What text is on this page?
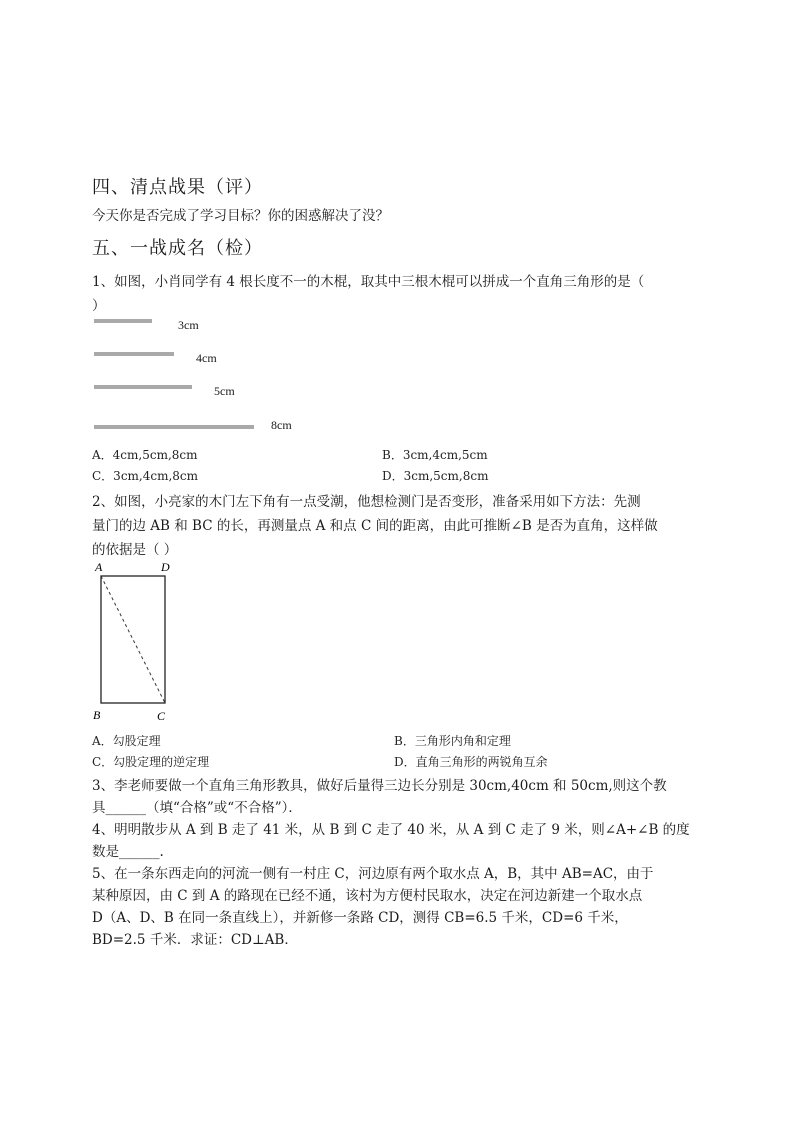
四、清点战果（评）
今天你是否完成了学习目标？你的困惑解决了没？
五、一战成名（检）
1、如图，小肖同学有 4 根长度不一的木棍，取其中三根木棍可以拼成一个直角三角形的是（
）
3cm
4cm
5cm
8cm
A．4cm,5cm,8cm	B．3cm,4cm,5cm
C．3cm,4cm,8cm	D．3cm,5cm,8cm
2、如图，小亮家的木门左下角有一点受潮，他想检测门是否变形，准备采用如下方法：先测
量门的边 AB 和 BC 的长，再测量点 A 和点 C 间的距离，由此可推断∠B 是否为直角，这样做
的依据是（ ）
A	D
B	C
A．勾股定理	B．三角形内角和定理
C．勾股定理的逆定理	D．直角三角形的两锐角互余
3、李老师要做一个直角三角形教具，做好后量得三边长分别是 30cm,40cm 和 50cm,则这个教
具______（填“合格”或“不合格”）．
4、明明散步从 A 到 B 走了 41 米，从 B 到 C 走了 40 米，从 A 到 C 走了 9 米，则∠A+∠B 的度
数是______.
5、在一条东西走向的河流一侧有一村庄 C，河边原有两个取水点 A，B，其中 AB=AC，由于
某种原因，由 C 到 A 的路现在已经不通，该村为方便村民取水，决定在河边新建一个取水点
D（A、D、B 在同一条直线上），并新修一条路 CD，测得 CB=6.5 千米，CD=6 千米，
BD=2.5 千米．求证：CD⊥AB．
